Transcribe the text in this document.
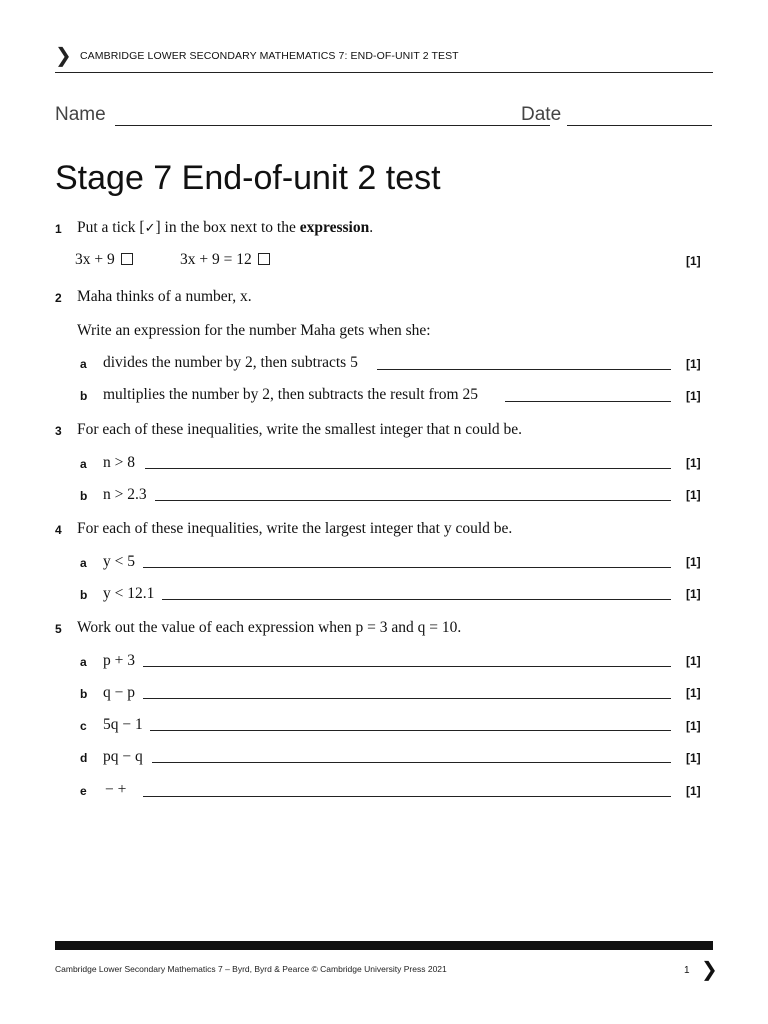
❯ CAMBRIDGE LOWER SECONDARY MATHEMATICS 7: END-OF-UNIT 2 TEST
Name	Date
Stage 7 End-of-unit 2 test
1 Put a tick [✓] in the box next to the expression.
3x + 9	3x + 9 = 12	[1]
2 Maha thinks of a number, x.
Write an expression for the number Maha gets when she:
a divides the number by 2, then subtracts 5	[1]
b multiplies the number by 2, then subtracts the result from 25	[1]
3 For each of these inequalities, write the smallest integer that n could be.
a n > 8	[1]
b n > 2.3	[1]
4 For each of these inequalities, write the largest integer that y could be.
a y < 5	[1]
b y < 12.1	[1]
5 Work out the value of each expression when p = 3 and q = 10.
a p + 3	[1]
b q − p	[1]
c 5q − 1	[1]
d pq − q	[1]
e − +	[1]
Cambridge Lower Secondary Mathematics 7 – Byrd, Byrd & Pearce © Cambridge University Press 2021	1 ❯
